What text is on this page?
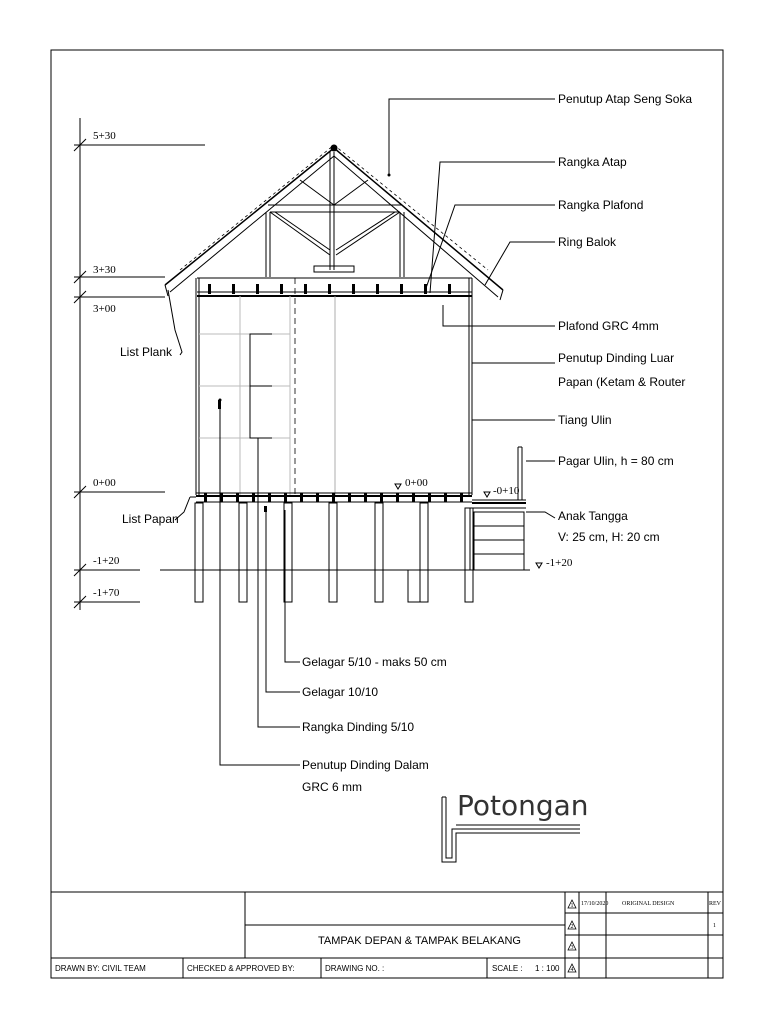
5+30
3+30
3+00
0+00
-1+20
-1+70
0+00
-0+10
-1+20
Penutup Atap Seng Soka
Rangka Atap
Rangka Plafond
Ring Balok
Plafond GRC 4mm
Penutup Dinding Luar
Papan (Ketam & Router
Tiang Ulin
Pagar Ulin, h = 80 cm
Anak Tangga
V: 25 cm, H: 20 cm
List Plank
List Papan
Gelagar 5/10 - maks 50 cm
Gelagar 10/10
Rangka Dinding 5/10
Penutup Dinding Dalam
GRC 6 mm
Potongan
1
2
3
4
TAMPAK DEPAN & TAMPAK BELAKANG
DRAWN BY: CIVIL TEAM	CHECKED & APPROVED BY:	DRAWING NO. :	SCALE : 1 : 100
17/10/2020 ORIGINAL DESIGN	REV
1
